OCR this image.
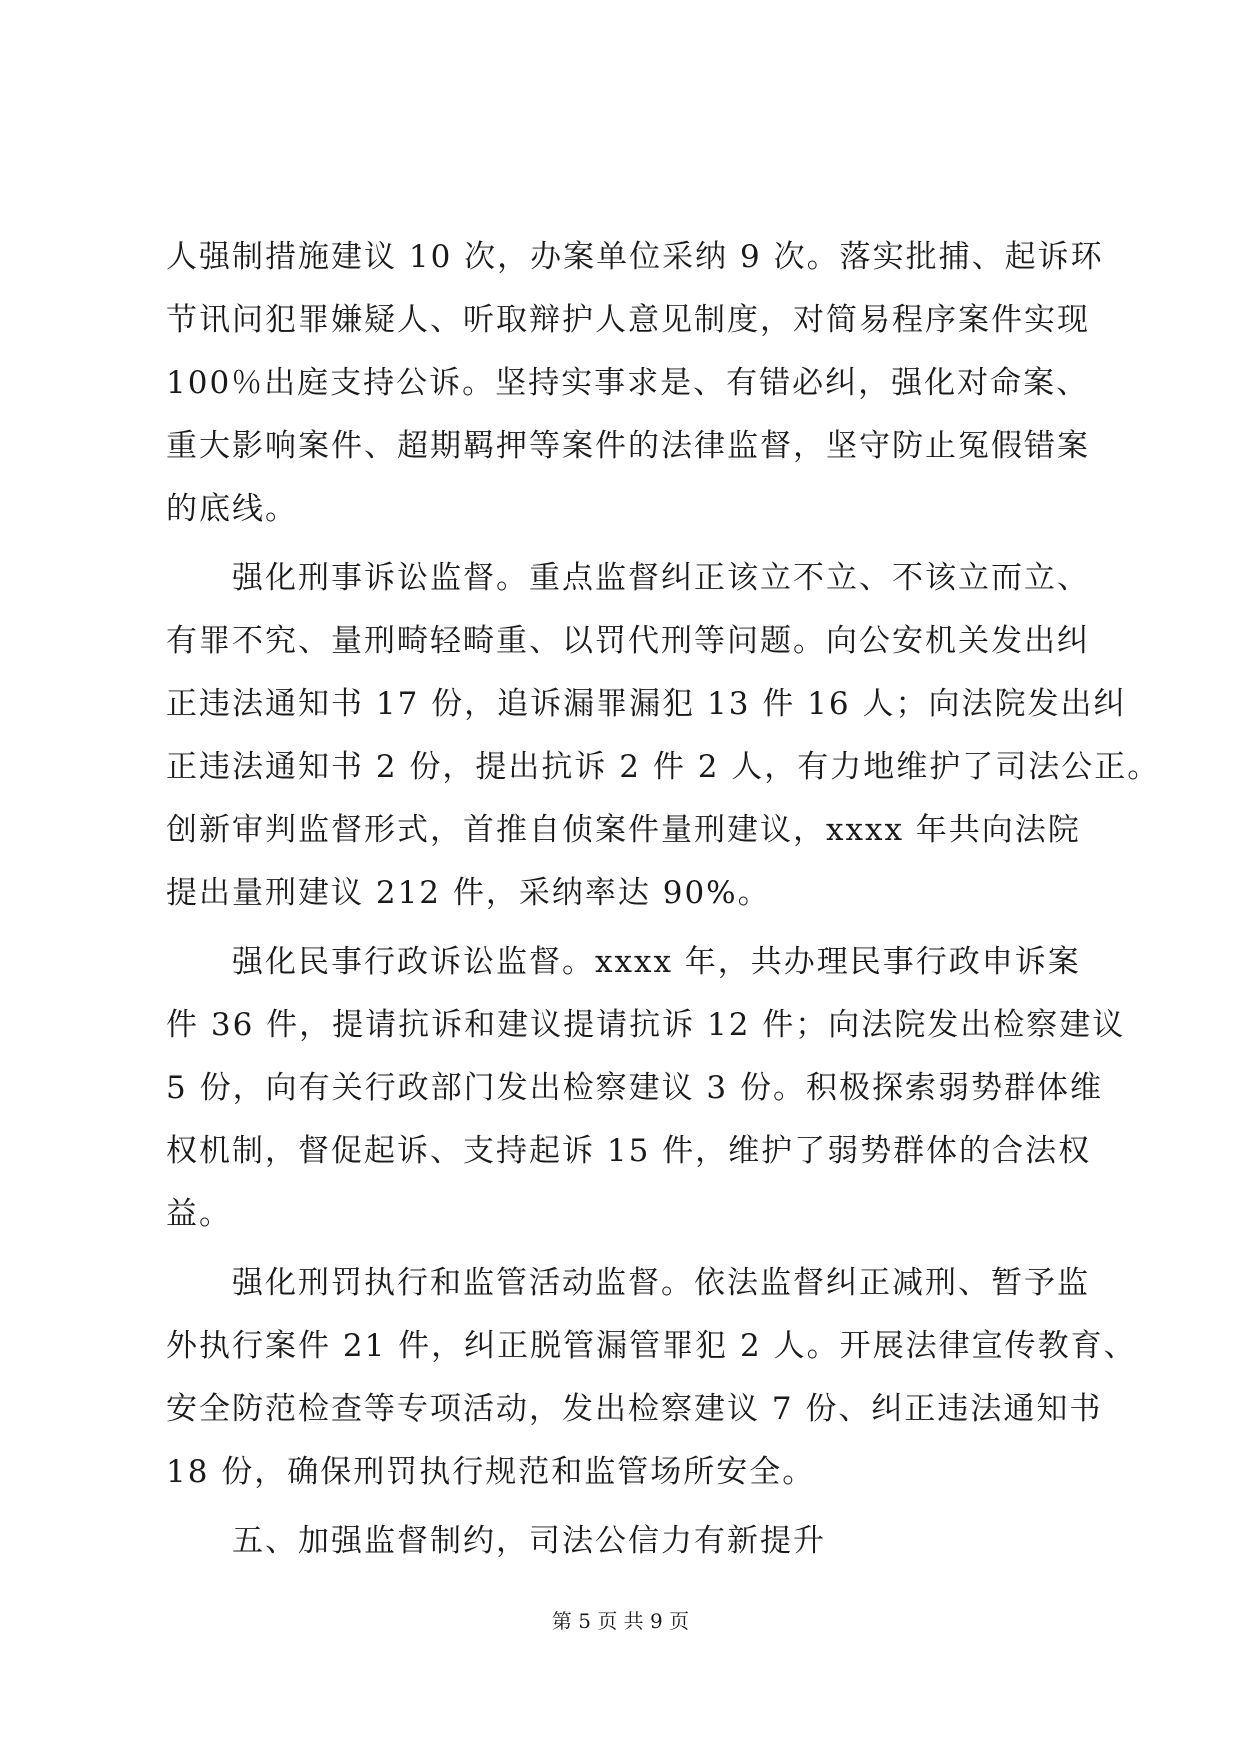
人强制措施建议 10 次，办案单位采纳 9 次。落实批捕、起诉环
节讯问犯罪嫌疑人、听取辩护人意见制度，对简易程序案件实现
100％出庭支持公诉。坚持实事求是、有错必纠，强化对命案、
重大影响案件、超期羁押等案件的法律监督，坚守防止冤假错案
的底线。
强化刑事诉讼监督。重点监督纠正该立不立、不该立而立、
有罪不究、量刑畸轻畸重、以罚代刑等问题。向公安机关发出纠
正违法通知书 17 份，追诉漏罪漏犯 13 件 16 人；向法院发出纠
正违法通知书 2 份，提出抗诉 2 件 2 人，有力地维护了司法公正。
创新审判监督形式，首推自侦案件量刑建议，xxxx 年共向法院
提出量刑建议 212 件，采纳率达 90%。
强化民事行政诉讼监督。xxxx 年，共办理民事行政申诉案
件 36 件，提请抗诉和建议提请抗诉 12 件；向法院发出检察建议
5 份，向有关行政部门发出检察建议 3 份。积极探索弱势群体维
权机制，督促起诉、支持起诉 15 件，维护了弱势群体的合法权
益。
强化刑罚执行和监管活动监督。依法监督纠正减刑、暂予监
外执行案件 21 件，纠正脱管漏管罪犯 2 人。开展法律宣传教育、
安全防范检查等专项活动，发出检察建议 7 份、纠正违法通知书
18 份，确保刑罚执行规范和监管场所安全。
五、加强监督制约，司法公信力有新提升
第 5 页 共 9 页
